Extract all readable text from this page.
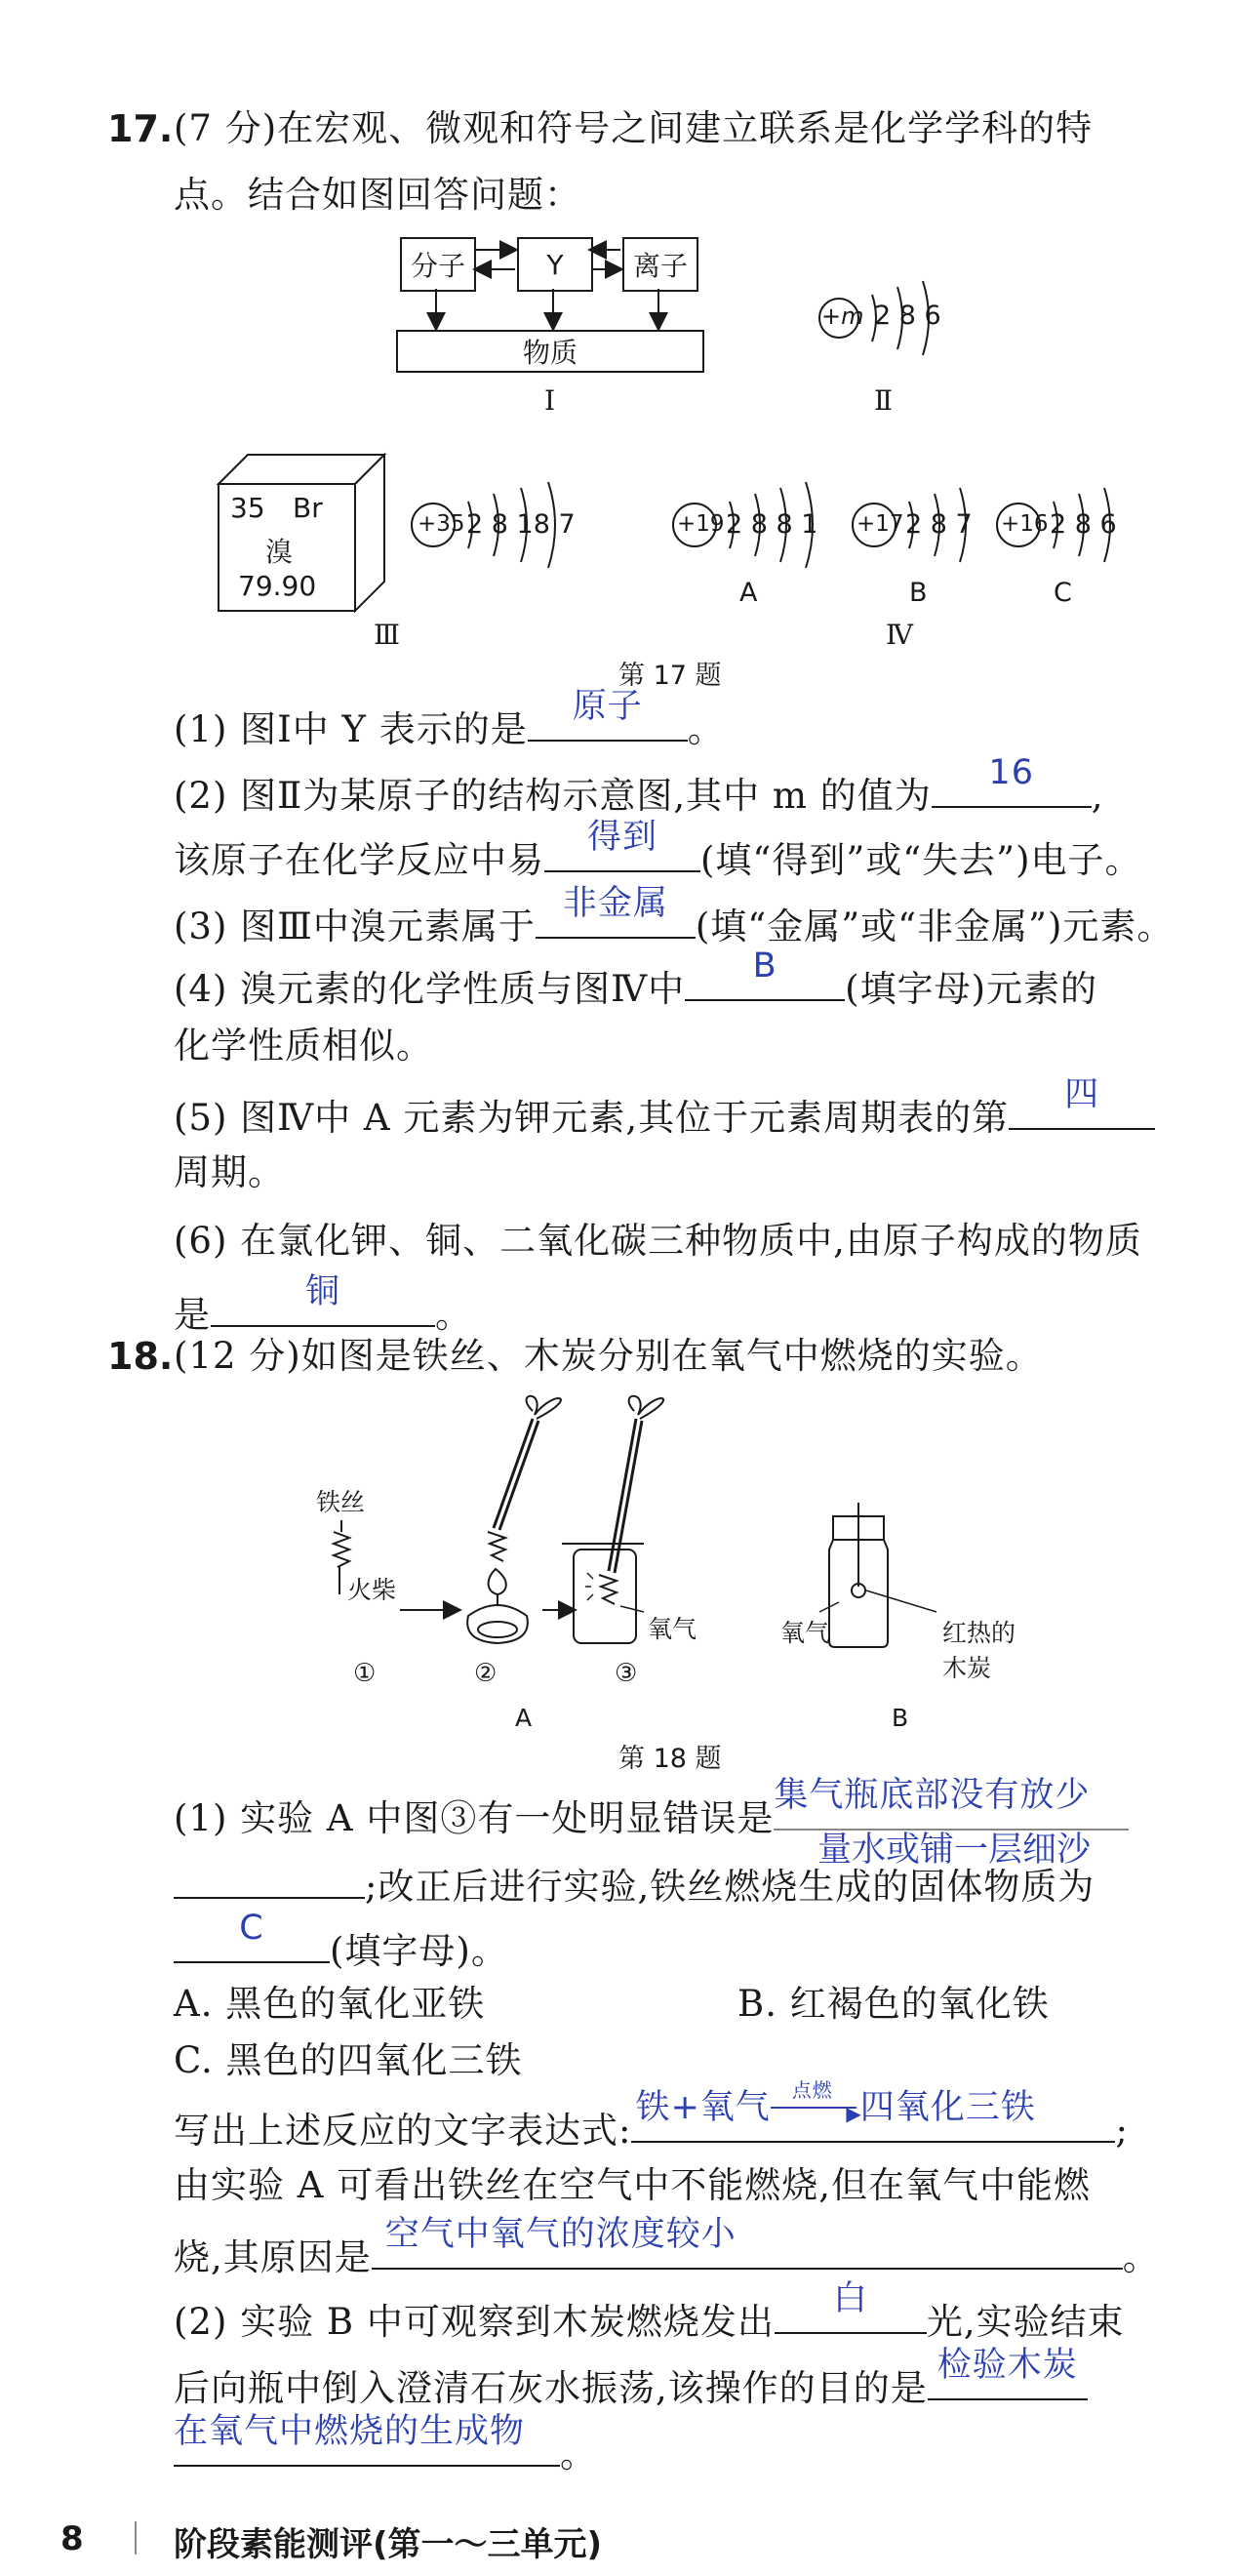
17. (7 分)在宏观、微观和符号之间建立联系是化学学科的特
点。结合如图回答问题：
分子	Y	离子
物质
Ⅰ
+m 2 8 6
Ⅱ
35 Br
溴
79.90
+35 2 8 18 7
Ⅲ
+19 2 8 8 1
A
+17 2 8 7
B
+16 2 8 6
C
Ⅳ
第 17 题
(1) 图Ⅰ中 Y 表示的是
原子
。
(2) 图Ⅱ为某原子的结构示意图,其中 m 的值为
16
,
该原子在化学反应中易
得到
(填“得到”或“失去”)电子。
(3) 图Ⅲ中溴元素属于
非金属
(填“金属”或“非金属”)元素。
(4) 溴元素的化学性质与图Ⅳ中
B
(填字母)元素的
化学性质相似。
(5) 图Ⅳ中 A 元素为钾元素,其位于元素周期表的第
四
周期。
(6) 在氯化钾、铜、二氧化碳三种物质中,由原子构成的物质
是
铜
。
18. (12 分)如图是铁丝、木炭分别在氧气中燃烧的实验。
铁丝
火柴
氧气
①	②	③
A
氧气	红热的
木炭
B
第 18 题
(1) 实验 A 中图③有一处明显错误是
集气瓶底部没有放少
;改正后进行实验,铁丝燃烧生成的固体物质为
量水或铺一层细沙
C
(填字母)。
A. 黑色的氧化亚铁	B. 红褐色的氧化铁
C. 黑色的四氧化三铁
写出上述反应的文字表达式:
铁+氧气 点燃
▶
四氧化三铁
;
由实验 A 可看出铁丝在空气中不能燃烧,但在氧气中能燃
烧,其原因是
空气中氧气的浓度较小
。
(2) 实验 B 中可观察到木炭燃烧发出
白
光,实验结束
后向瓶中倒入澄清石灰水振荡,该操作的目的是
检验木炭
在氧气中燃烧的生成物
。
8	阶段素能测评(第一～三单元)
